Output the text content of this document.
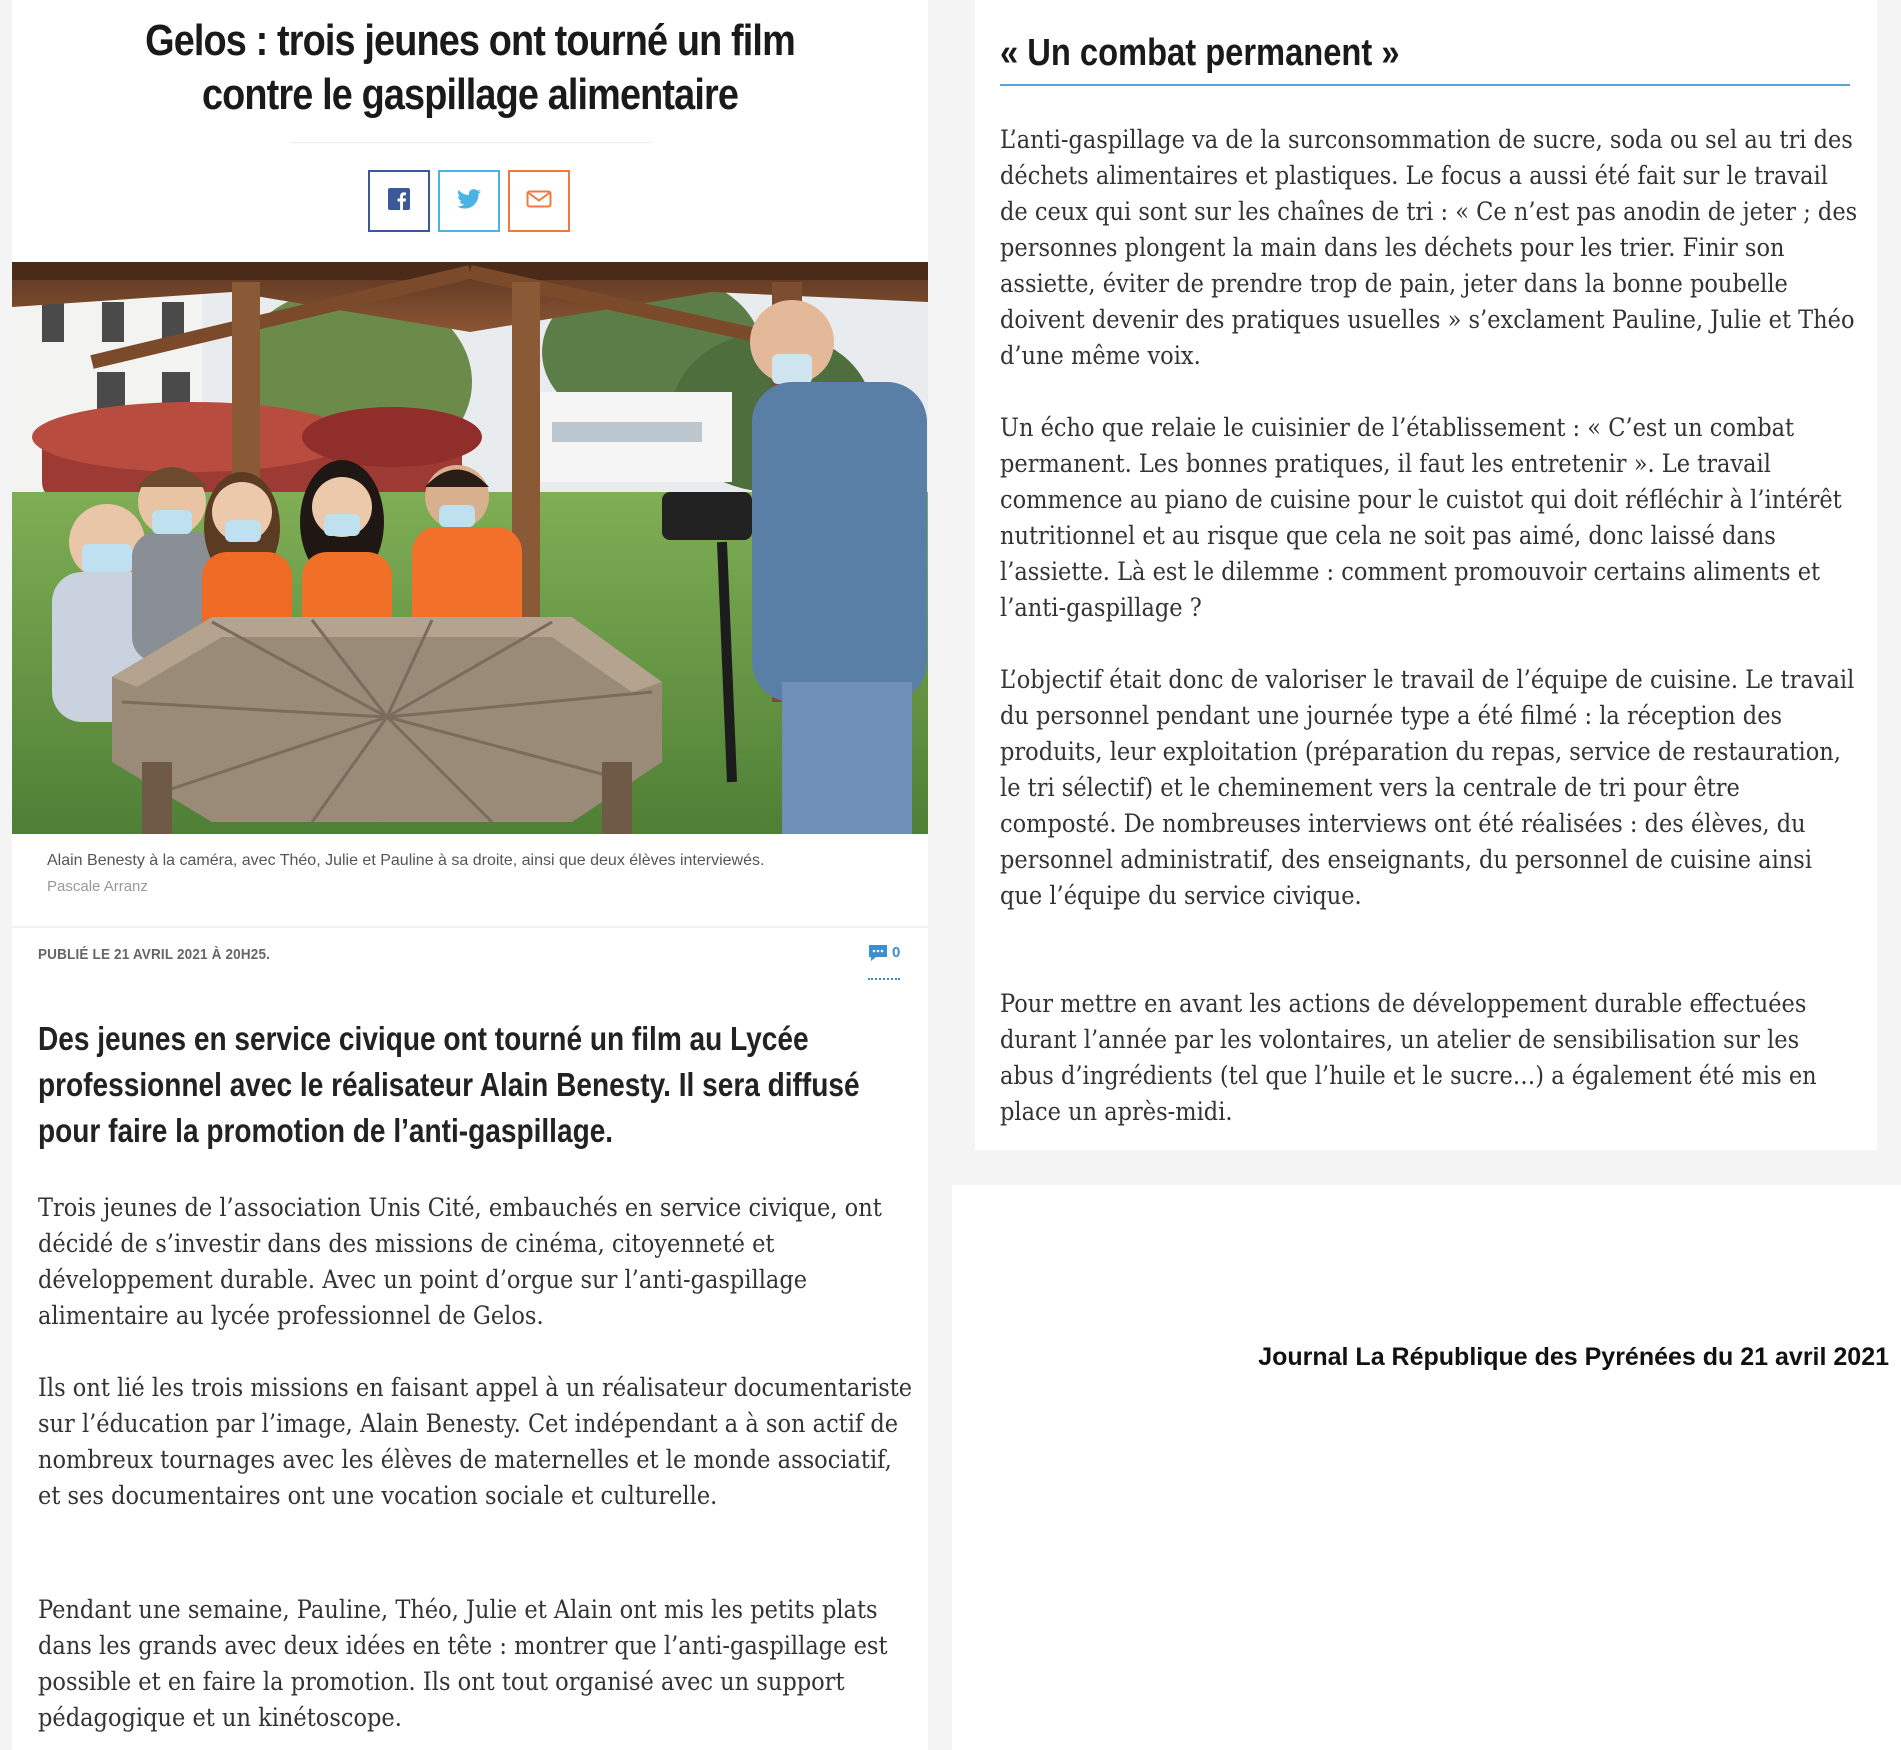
Gelos : trois jeunes ont tourné un film
contre le gaspillage alimentaire

Alain Benesty à la caméra, avec Théo, Julie et Pauline à sa droite, ainsi que deux élèves interviewés.

Pascale Arranz

PUBLIÉ LE 21 AVRIL 2021 À 20H25.	0
Des jeunes en service civique ont tourné un film au Lycée professionnel avec le réalisateur Alain Benesty. Il sera diffusé pour faire la promotion de l’anti-gaspillage.

Trois jeunes de l’association Unis Cité, embauchés en service civique, ont décidé de s’investir dans des missions de cinéma, citoyenneté et développement durable. Avec un point d’orgue sur l’anti-gaspillage alimentaire au lycée professionnel de Gelos.

Ils ont lié les trois missions en faisant appel à un réalisateur documentariste sur l’éducation par l’image, Alain Benesty. Cet indépendant a à son actif de nombreux tournages avec les élèves de maternelles et le monde associatif, et ses documentaires ont une vocation sociale et culturelle.

Pendant une semaine, Pauline, Théo, Julie et Alain ont mis les petits plats dans les grands avec deux idées en tête : montrer que l’anti-gaspillage est possible et en faire la promotion. Ils ont tout organisé avec un support pédagogique et un kinétoscope.

« Un combat permanent »

L’anti-gaspillage va de la surconsommation de sucre, soda ou sel au tri des déchets alimentaires et plastiques. Le focus a aussi été fait sur le travail de ceux qui sont sur les chaînes de tri : « Ce n’est pas anodin de jeter ; des personnes plongent la main dans les déchets pour les trier. Finir son assiette, éviter de prendre trop de pain, jeter dans la bonne poubelle doivent devenir des pratiques usuelles » s’exclament Pauline, Julie et Théo d’une même voix.

Un écho que relaie le cuisinier de l’établissement : « C’est un combat permanent. Les bonnes pratiques, il faut les entretenir ». Le travail commence au piano de cuisine pour le cuistot qui doit réfléchir à l’intérêt nutritionnel et au risque que cela ne soit pas aimé, donc laissé dans l’assiette. Là est le dilemme : comment promouvoir certains aliments et l’anti-gaspillage ?

L’objectif était donc de valoriser le travail de l’équipe de cuisine. Le travail du personnel pendant une journée type a été filmé : la réception des produits, leur exploitation (préparation du repas, service de restauration, le tri sélectif) et le cheminement vers la centrale de tri pour être composté. De nombreuses interviews ont été réalisées : des élèves, du personnel administratif, des enseignants, du personnel de cuisine ainsi que l’équipe du service civique.

Pour mettre en avant les actions de développement durable effectuées durant l’année par les volontaires, un atelier de sensibilisation sur les abus d’ingrédients (tel que l’huile et le sucre…) a également été mis en place un après-midi.

Journal La République des Pyrénées du 21 avril 2021
